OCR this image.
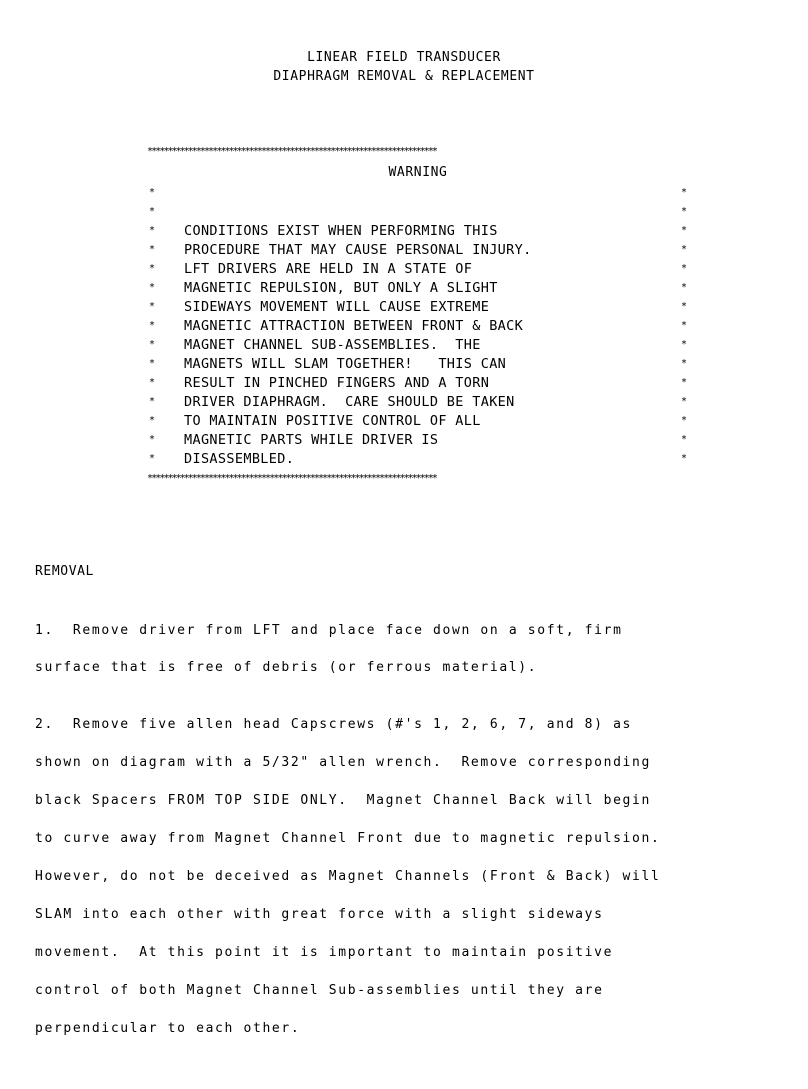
LINEAR FIELD TRANSDUCER
DIAPHRAGM REMOVAL & REPLACEMENT
***********************************************************************
WARNING
*	*
*	*
* CONDITIONS EXIST WHEN PERFORMING THIS	*
* PROCEDURE THAT MAY CAUSE PERSONAL INJURY.	*
* LFT DRIVERS ARE HELD IN A STATE OF	*
* MAGNETIC REPULSION, BUT ONLY A SLIGHT	*
* SIDEWAYS MOVEMENT WILL CAUSE EXTREME	*
* MAGNETIC ATTRACTION BETWEEN FRONT & BACK	*
* MAGNET CHANNEL SUB-ASSEMBLIES.  THE	*
* MAGNETS WILL SLAM TOGETHER!   THIS CAN	*
* RESULT IN PINCHED FINGERS AND A TORN	*
* DRIVER DIAPHRAGM.  CARE SHOULD BE TAKEN	*
* TO MAINTAIN POSITIVE CONTROL OF ALL	*
* MAGNETIC PARTS WHILE DRIVER IS	*
* DISASSEMBLED.	*
***********************************************************************
REMOVAL
1.  Remove driver from LFT and place face down on a soft, firm
surface that is free of debris (or ferrous material).
2.  Remove five allen head Capscrews (#'s 1, 2, 6, 7, and 8) as
shown on diagram with a 5/32" allen wrench.  Remove corresponding
black Spacers FROM TOP SIDE ONLY.  Magnet Channel Back will begin
to curve away from Magnet Channel Front due to magnetic repulsion.
However, do not be deceived as Magnet Channels (Front & Back) will
SLAM into each other with great force with a slight sideways
movement.  At this point it is important to maintain positive
control of both Magnet Channel Sub-assemblies until they are
perpendicular to each other.
